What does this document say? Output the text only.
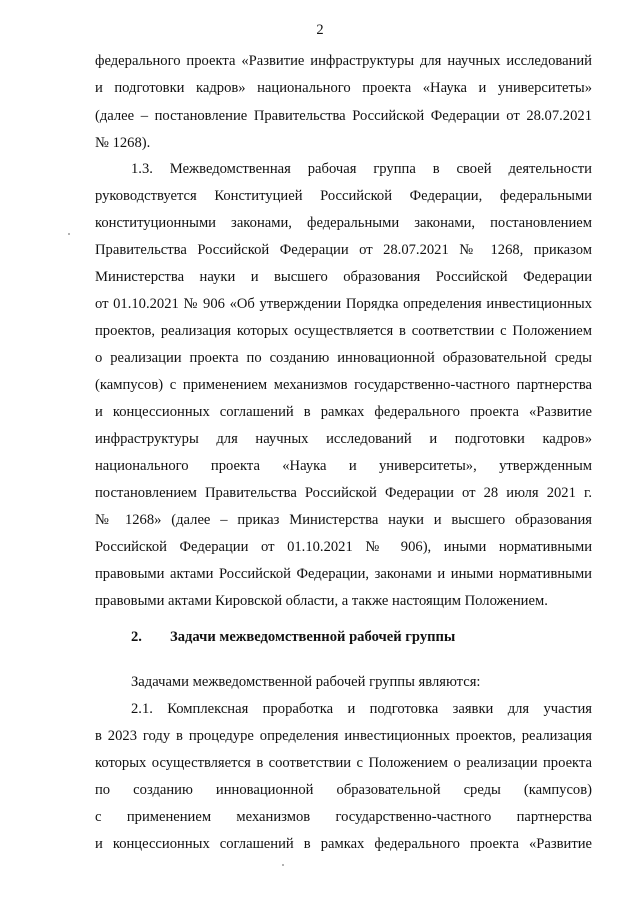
2
федерального проекта «Развитие инфраструктуры для научных исследований
и подготовки кадров» национального проекта «Наука и университеты»
(далее – постановление Правительства Российской Федерации от 28.07.2021
№ 1268).
1.3. Межведомственная рабочая группа в своей деятельности
руководствуется Конституцией Российской Федерации, федеральными
конституционными законами, федеральными законами, постановлением
Правительства Российской Федерации от 28.07.2021 № 1268, приказом
Министерства науки и высшего образования Российской Федерации
от 01.10.2021 № 906 «Об утверждении Порядка определения инвестиционных
проектов, реализация которых осуществляется в соответствии с Положением
о реализации проекта по созданию инновационной образовательной среды
(кампусов) с применением механизмов государственно-частного партнерства
и концессионных соглашений в рамках федерального проекта «Развитие
инфраструктуры для научных исследований и подготовки кадров»
национального проекта «Наука и университеты», утвержденным
постановлением Правительства Российской Федерации от 28 июля 2021 г.
№ 1268» (далее – приказ Министерства науки и высшего образования
Российской Федерации от 01.10.2021 № 906), иными нормативными
правовыми актами Российской Федерации, законами и иными нормативными
правовыми актами Кировской области, а также настоящим Положением.
2. Задачи межведомственной рабочей группы
Задачами межведомственной рабочей группы являются:
2.1. Комплексная проработка и подготовка заявки для участия
в 2023 году в процедуре определения инвестиционных проектов, реализация
которых осуществляется в соответствии с Положением о реализации проекта
по созданию инновационной образовательной среды (кампусов)
с применением механизмов государственно-частного партнерства
и концессионных соглашений в рамках федерального проекта «Развитие
